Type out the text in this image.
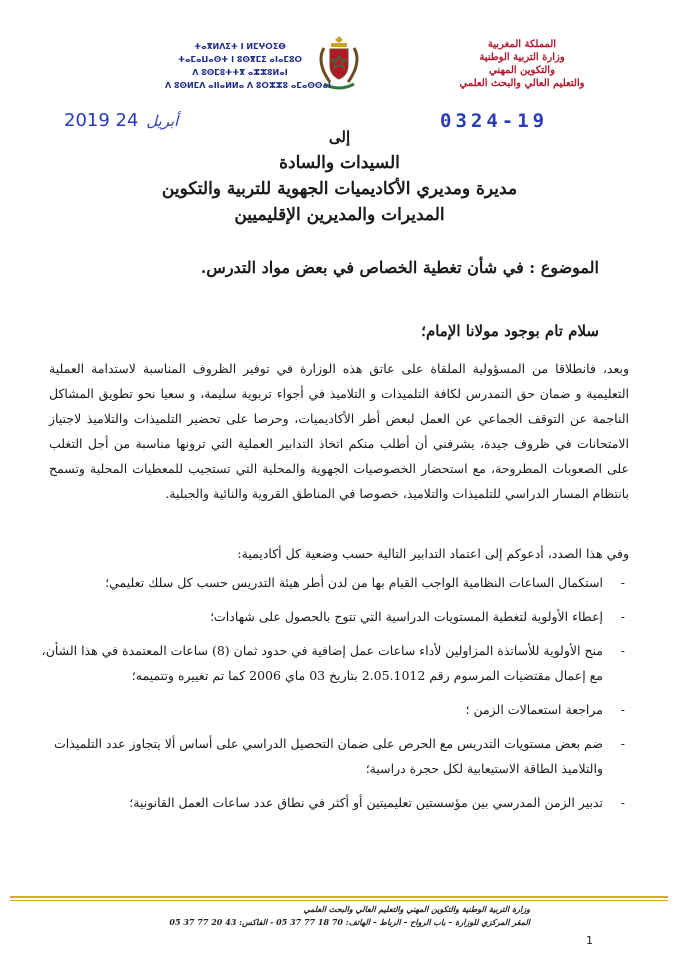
المملكة المغربية
وزارة التربية الوطنية
والتكوين المهني
والتعليم العالي والبحث العلمي
ⵜⴰⴳⵍⴷⵉⵜ ⵏ ⵍⵎⵖⵔⵉⴱ
ⵜⴰⵎⴰⵡⴰⵙⵜ ⵏ ⵓⵙⴳⵎⵉ ⴰⵏⴰⵎⵓⵔ
ⴷ ⵓⵙⵎⵓⵜⵜⴳ ⴰⵣⵣⵓⵍⴰⵏ
ⴷ ⵓⵙⵍⵎⴷ ⴰⵏⵏⴰⵍⵍⴰ ⴷ ⵓⵔⵣⵣⵓ ⴰⵎⴰⵙⵙⴰⵏ
2019 أبريل 24	0324-19
إلى
السيدات والسادة
مديرة ومديري الأكاديميات الجهوية للتربية والتكوين
المديرات والمديرين الإقليميين
الموضوع : في شأن تغطية الخصاص في بعض مواد التدرس.
سلام تام بوجود مولانا الإمام؛
وبعد، فانطلاقا من المسؤولية الملقاة على عاتق هذه الوزارة في توفير الظروف المناسبة لاستدامة العملية التعليمية و ضمان حق التمدرس لكافة التلميذات و التلاميذ في أجواء تربوية سليمة، و سعيا نحو تطويق المشاكل الناجمة عن التوقف الجماعي عن العمل لبعض أطر الأكاديميات، وحرصا على تحضير التلميذات والتلاميذ لاجتياز الامتحانات في ظروف جيدة، يشرفني أن أطلب منكم اتخاذ التدابير العملية التي ترونها مناسبة من أجل التغلب على الصعوبات المطروحة، مع استحضار الخصوصيات الجهوية والمحلية التي تستجيب للمعطيات المحلية وتسمح بانتظام المسار الدراسي للتلميذات والتلاميذ، خصوصا في المناطق القروية والنائية والجبلية.
وفي هذا الصدد، أدعوكم إلى اعتماد التدابير التالية حسب وضعية كل أكاديمية:
-
استكمال الساعات النظامية الواجب القيام بها من لدن أطر هيئة التدريس حسب كل سلك تعليمي؛
-
إعطاء الأولوية لتغطية المستويات الدراسية التي تتوج بالحصول على شهادات؛
-
منح الأولوية للأساتذة المزاولين لأداء ساعات عمل إضافية في حدود ثمان (8) ساعات المعتمدة في هذا الشأن، مع إعمال مقتضيات المرسوم رقم 2.05.1012 بتاريخ 03 ماي 2006 كما تم تغييره وتتميمه؛
-
مراجعة استعمالات الزمن ؛
-
ضم بعض مستويات التدريس مع الحرص على ضمان التحصيل الدراسي على أساس ألا يتجاوز عدد التلميذات والتلاميذ الطاقة الاستيعابية لكل حجرة دراسية؛
-
تدبير الزمن المدرسي بين مؤسستين تعليميتين أو أكثر في نطاق عدد ساعات العمل القانونية؛
وزارة التربية الوطنية والتكوين المهني والتعليم العالي والبحث العلمي
المقر المركزي للوزارة – باب الرواح – الرباط – الهاتف: 70 18 77 37 05 - الفاكس: 43 20 77 37 05
1
